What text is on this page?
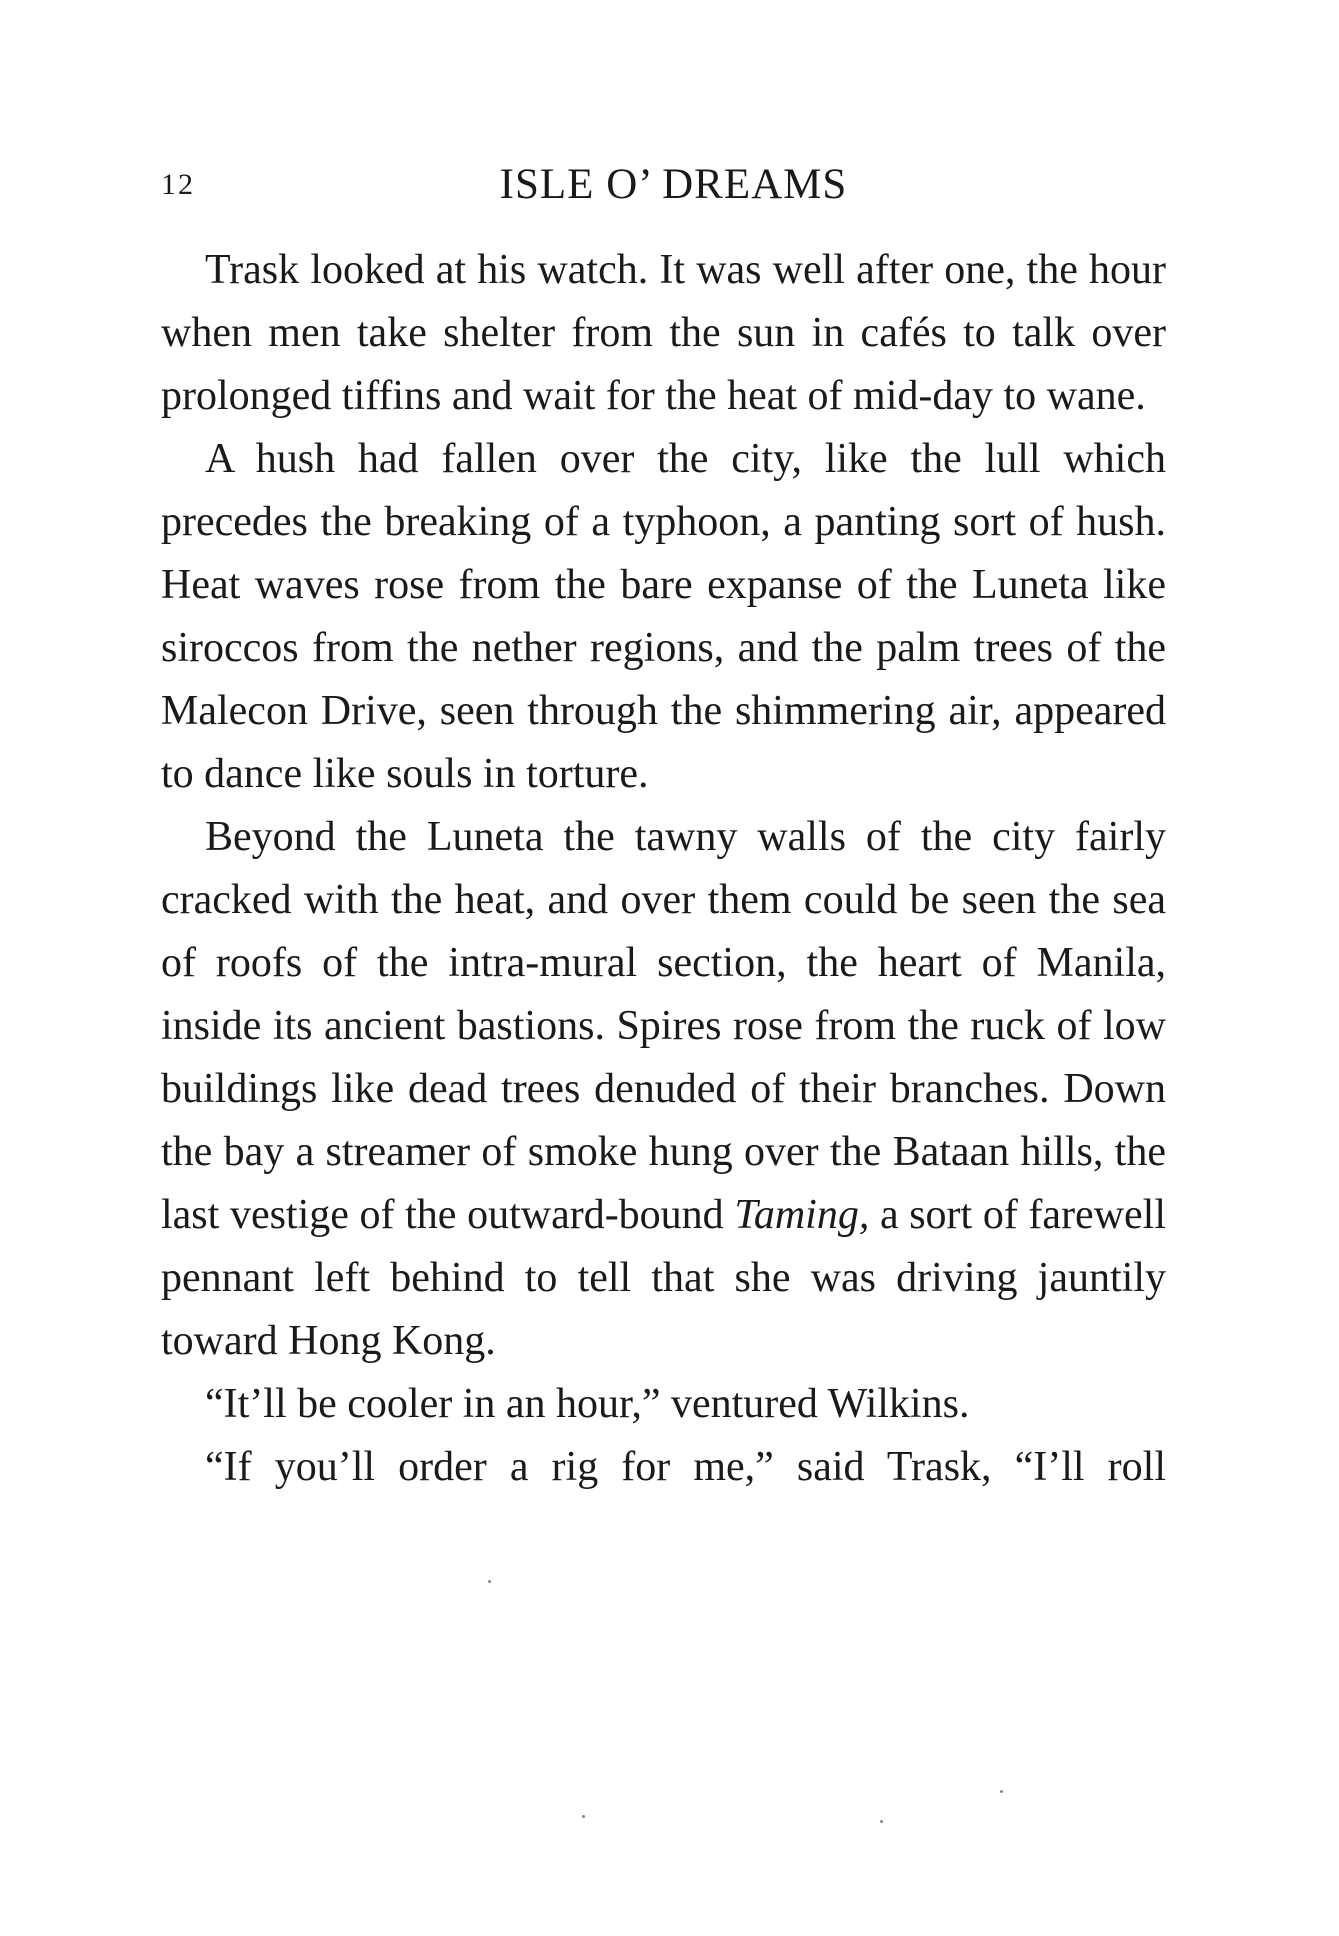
12	ISLE O’ DREAMS

Trask looked at his watch. It was well after one, the hour when men take shelter from the sun in cafés to talk over prolonged tiffins and wait for the heat of mid-day to wane.

A hush had fallen over the city, like the lull which precedes the breaking of a typhoon, a panting sort of hush. Heat waves rose from the bare expanse of the Luneta like siroccos from the nether regions, and the palm trees of the Malecon Drive, seen through the shimmering air, appeared to dance like souls in torture.

Beyond the Luneta the tawny walls of the city fairly cracked with the heat, and over them could be seen the sea of roofs of the intra-mural section, the heart of Manila, inside its ancient bastions. Spires rose from the ruck of low buildings like dead trees denuded of their branches. Down the bay a streamer of smoke hung over the Bataan hills, the last vestige of the outward-bound Taming, a sort of farewell pennant left behind to tell that she was driving jauntily toward Hong Kong.

“It’ll be cooler in an hour,” ventured Wilkins.

“If you’ll order a rig for me,” said Trask, “I’ll roll
